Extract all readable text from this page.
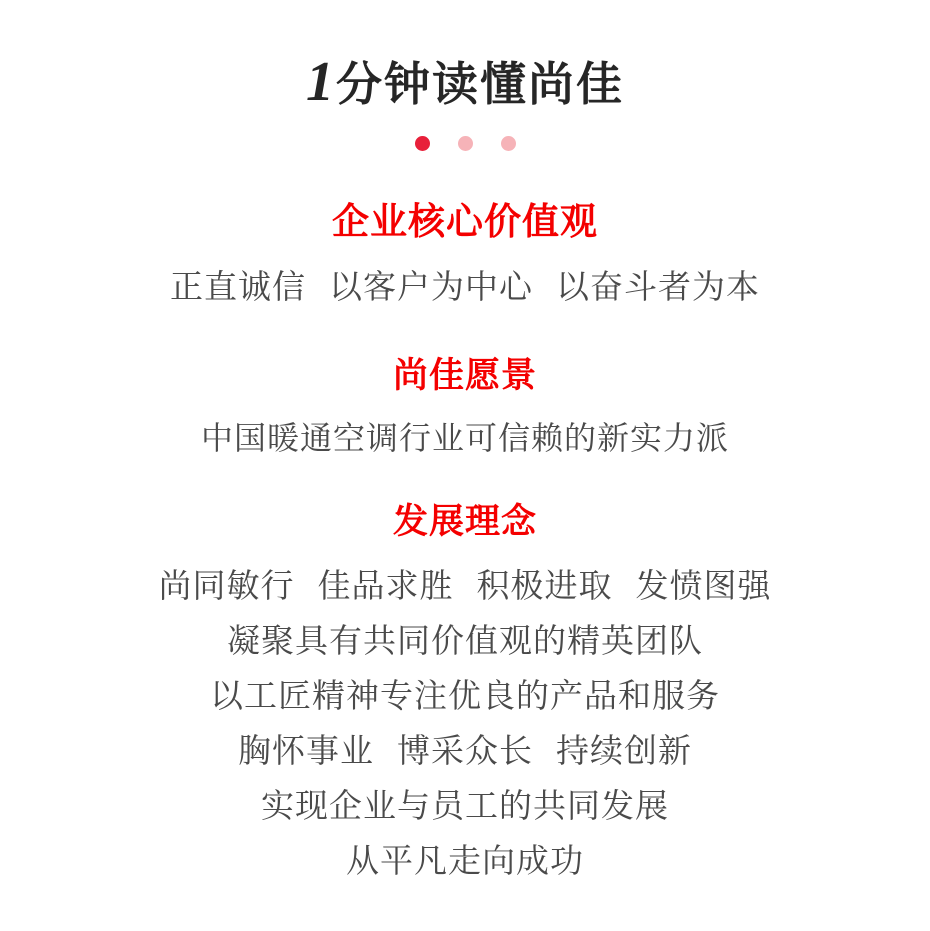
1 分钟读懂尚佳
企业核心价值观
正直诚信  以客户为中心  以奋斗者为本
尚佳愿景
中国暖通空调行业可信赖的新实力派
发展理念
尚同敏行  佳品求胜  积极进取  发愤图强
凝聚具有共同价值观的精英团队
以工匠精神专注优良的产品和服务
胸怀事业  博采众长  持续创新
实现企业与员工的共同发展
从平凡走向成功
